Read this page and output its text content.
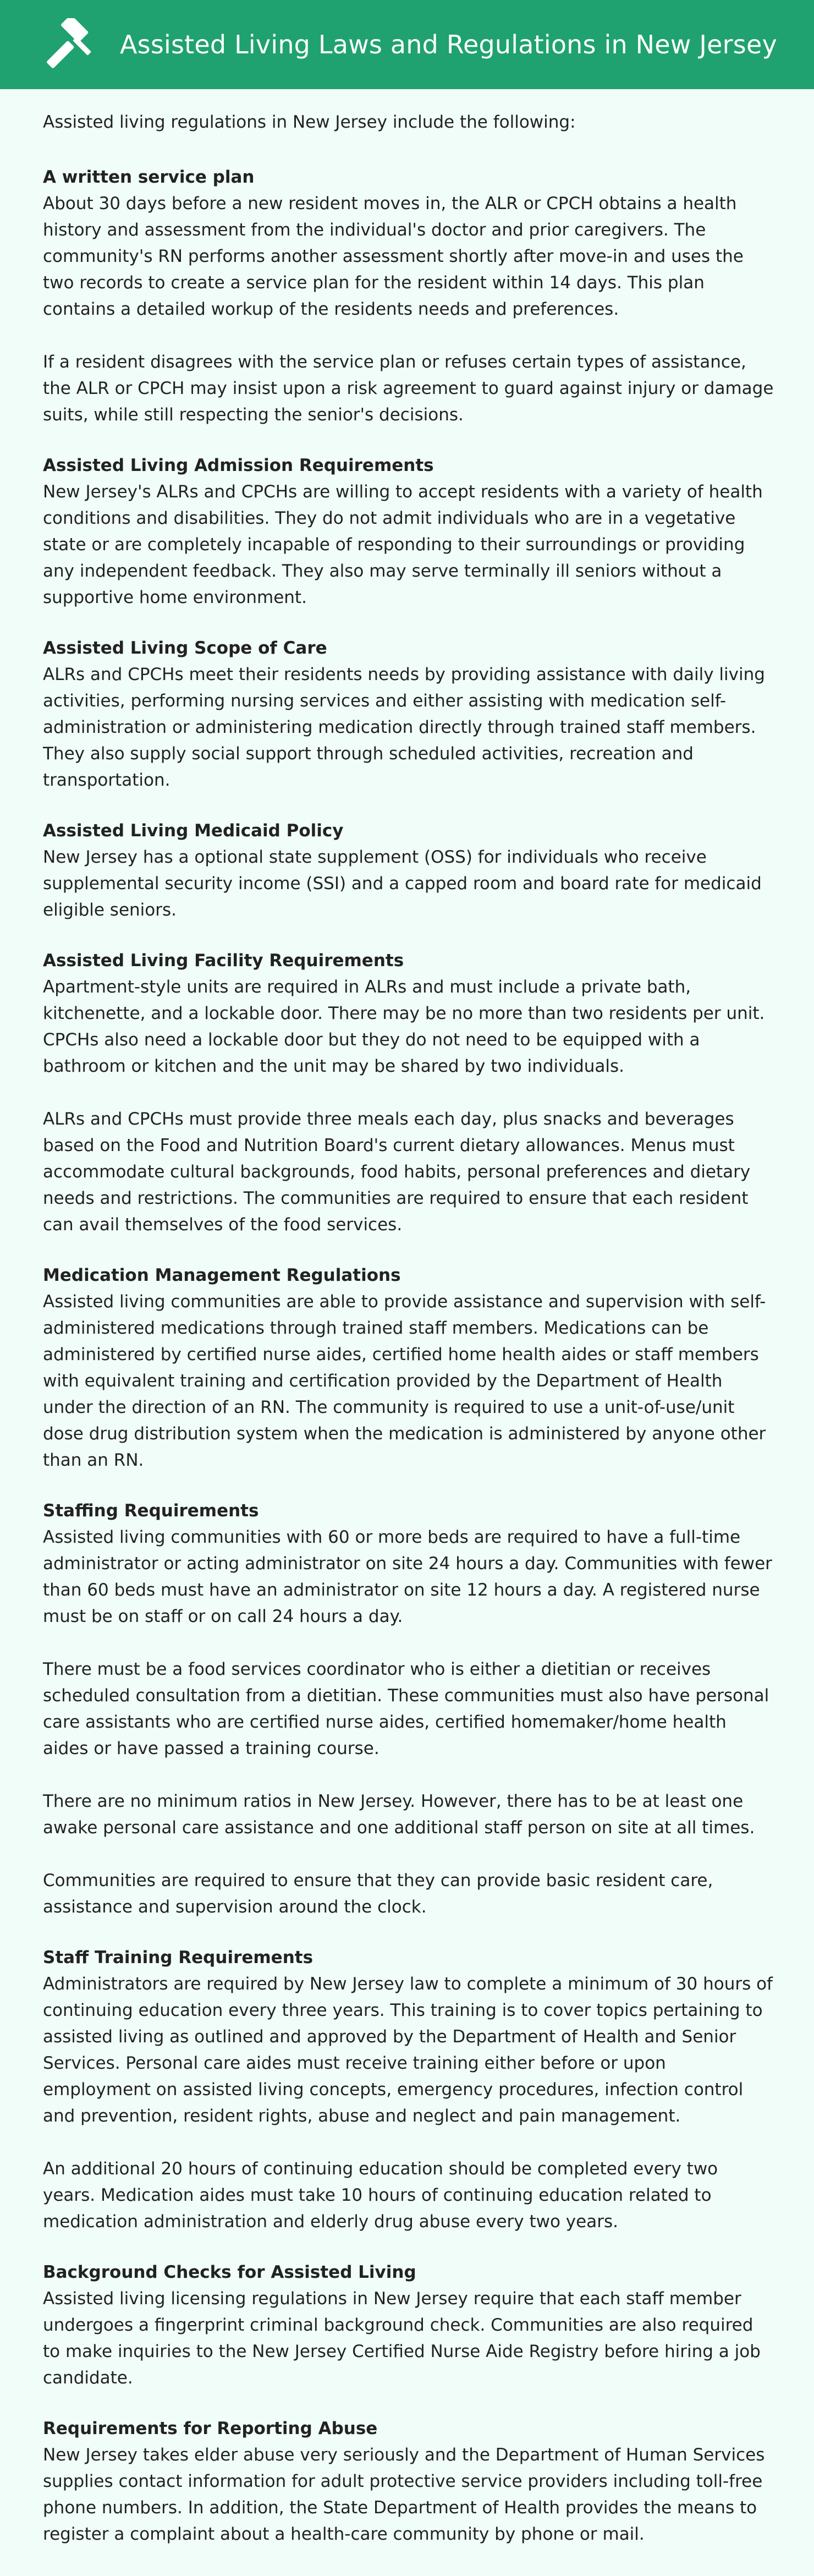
Assisted Living Laws and Regulations in New Jersey

Assisted living regulations in New Jersey include the following:

A written service plan

About 30 days before a new resident moves in, the ALR or CPCH obtains a health history and assessment from the individual's doctor and prior caregivers. The community's RN performs another assessment shortly after move-in and uses the two records to create a service plan for the resident within 14 days. This plan contains a detailed workup of the residents needs and preferences.

If a resident disagrees with the service plan or refuses certain types of assistance, the ALR or CPCH may insist upon a risk agreement to guard against injury or damage suits, while still respecting the senior's decisions.

Assisted Living Admission Requirements

New Jersey's ALRs and CPCHs are willing to accept residents with a variety of health conditions and disabilities. They do not admit individuals who are in a vegetative state or are completely incapable of responding to their surroundings or providing any independent feedback. They also may serve terminally ill seniors without a supportive home environment.

Assisted Living Scope of Care

ALRs and CPCHs meet their residents needs by providing assistance with daily living activities, performing nursing services and either assisting with medication self-administration or administering medication directly through trained staff members. They also supply social support through scheduled activities, recreation and transportation.

Assisted Living Medicaid Policy

New Jersey has a optional state supplement (OSS) for individuals who receive supplemental security income (SSI) and a capped room and board rate for medicaid eligible seniors.

Assisted Living Facility Requirements

Apartment-style units are required in ALRs and must include a private bath, kitchenette, and a lockable door. There may be no more than two residents per unit. CPCHs also need a lockable door but they do not need to be equipped with a bathroom or kitchen and the unit may be shared by two individuals.

ALRs and CPCHs must provide three meals each day, plus snacks and beverages based on the Food and Nutrition Board's current dietary allowances. Menus must accommodate cultural backgrounds, food habits, personal preferences and dietary needs and restrictions. The communities are required to ensure that each resident can avail themselves of the food services.

Medication Management Regulations

Assisted living communities are able to provide assistance and supervision with self-administered medications through trained staff members. Medications can be administered by certified nurse aides, certified home health aides or staff members with equivalent training and certification provided by the Department of Health under the direction of an RN. The community is required to use a unit-of-use/unit dose drug distribution system when the medication is administered by anyone other than an RN.

Staffing Requirements

Assisted living communities with 60 or more beds are required to have a full-time administrator or acting administrator on site 24 hours a day. Communities with fewer than 60 beds must have an administrator on site 12 hours a day. A registered nurse must be on staff or on call 24 hours a day.

There must be a food services coordinator who is either a dietitian or receives scheduled consultation from a dietitian. These communities must also have personal care assistants who are certified nurse aides, certified homemaker/home health aides or have passed a training course.

There are no minimum ratios in New Jersey. However, there has to be at least one awake personal care assistance and one additional staff person on site at all times.

Communities are required to ensure that they can provide basic resident care, assistance and supervision around the clock.

Staff Training Requirements

Administrators are required by New Jersey law to complete a minimum of 30 hours of continuing education every three years. This training is to cover topics pertaining to assisted living as outlined and approved by the Department of Health and Senior Services. Personal care aides must receive training either before or upon employment on assisted living concepts, emergency procedures, infection control and prevention, resident rights, abuse and neglect and pain management.

An additional 20 hours of continuing education should be completed every two years. Medication aides must take 10 hours of continuing education related to medication administration and elderly drug abuse every two years.

Background Checks for Assisted Living

Assisted living licensing regulations in New Jersey require that each staff member undergoes a fingerprint criminal background check. Communities are also required to make inquiries to the New Jersey Certified Nurse Aide Registry before hiring a job candidate.

Requirements for Reporting Abuse

New Jersey takes elder abuse very seriously and the Department of Human Services supplies contact information for adult protective service providers including toll-free phone numbers. In addition, the State Department of Health provides the means to register a complaint about a health-care community by phone or mail.
